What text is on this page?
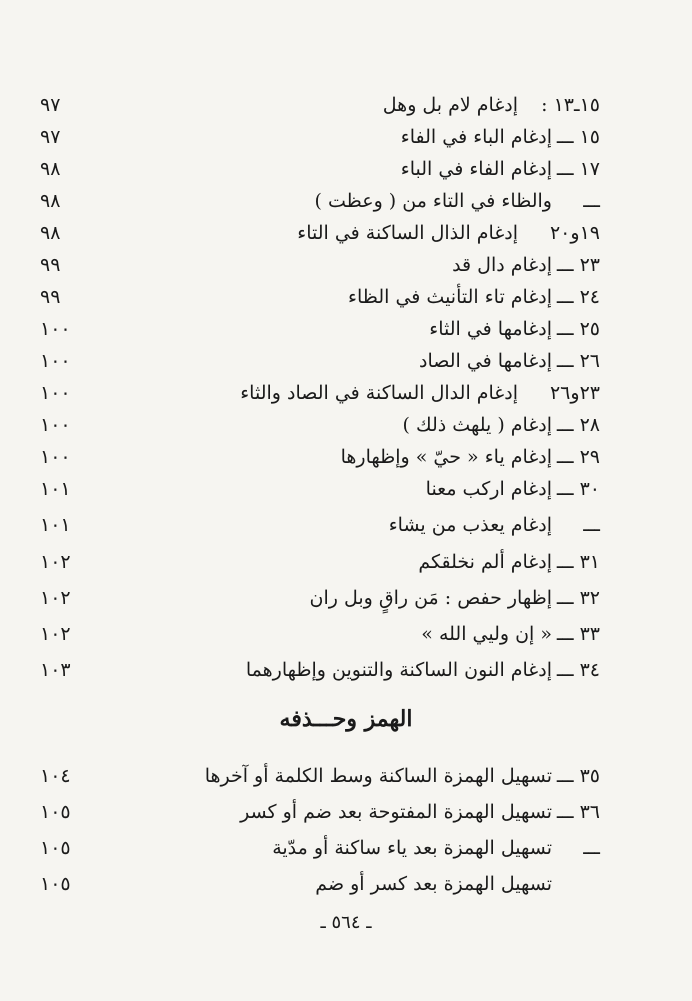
١٥ـ١٣ :
إدغام لام بل وهل
٩٧
١٥ ـــ
إدغام الباء في الفاء
٩٧
١٧ ـــ
إدغام الفاء في الباء
٩٨
ـــ
والظاء في التاء من ( وعظت )
٩٨
١٩و٢٠
إدغام الذال الساكنة في التاء
٩٨
٢٣ ـــ
إدغام دال قد
٩٩
٢٤ ـــ
إدغام تاء التأنيث في الظاء
٩٩
٢٥ ـــ
إدغامها في الثاء
١٠٠
٢٦ ـــ
إدغامها في الصاد
١٠٠
٢٣و٢٦
إدغام الدال الساكنة في الصاد والثاء
١٠٠
٢٨ ـــ
إدغام ( يلهث ذلك )
١٠٠
٢٩ ـــ
إدغام ياء « حيّ » وإظهارها
١٠٠
٣٠ ـــ
إدغام اركب معنا
١٠١
ـــ
إدغام يعذب من يشاء
١٠١
٣١ ـــ
إدغام ألم نخلقكم
١٠٢
٣٢ ـــ
إظهار حفص : مَن راقٍ وبل ران
١٠٢
٣٣ ـــ
« إن وليي الله »
١٠٢
٣٤ ـــ
إدغام النون الساكنة والتنوين وإظهارهما
١٠٣
الهمز وحـــذفه
٣٥ ـــ
تسهيل الهمزة الساكنة وسط الكلمة أو آخرها
١٠٤
٣٦ ـــ
تسهيل الهمزة المفتوحة بعد ضم أو كسر
١٠٥
ـــ
تسهيل الهمزة بعد ياء ساكنة أو مدّية
١٠٥
تسهيل الهمزة بعد كسر أو ضم
١٠٥
ـ ٥٦٤ ـ
